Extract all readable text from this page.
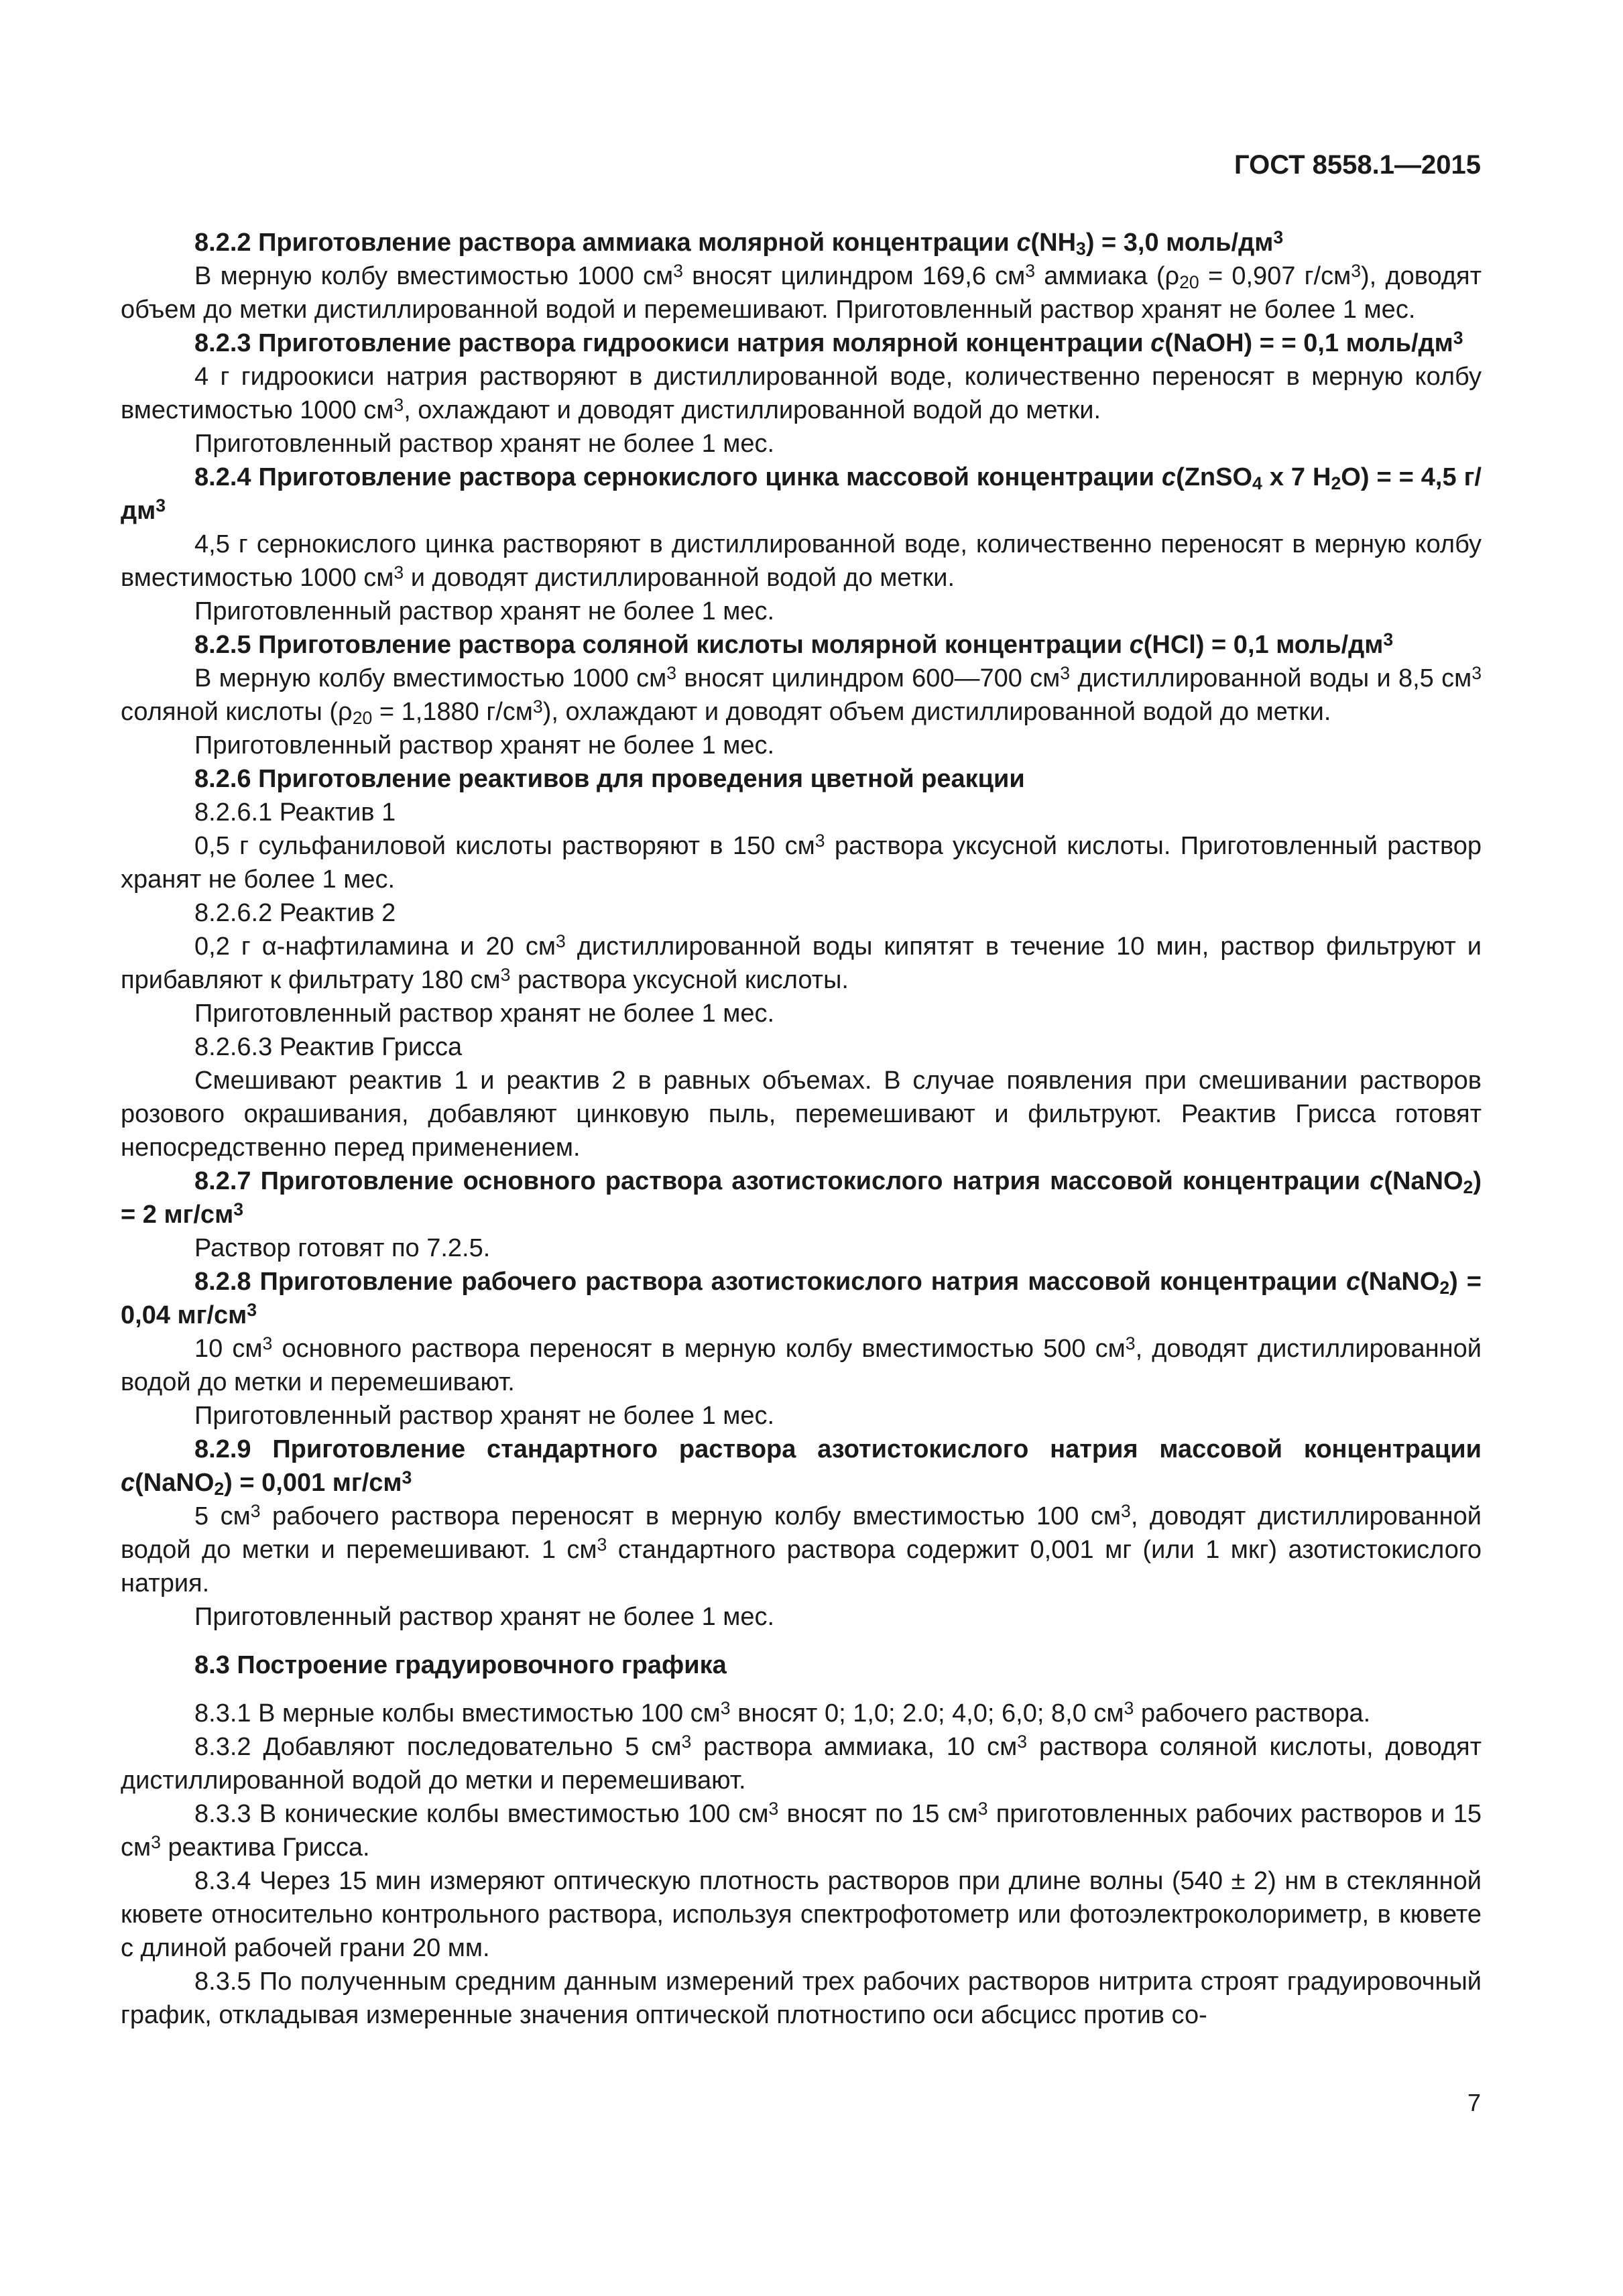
ГОСТ 8558.1—2015

8.2.2 Приготовление раствора аммиака молярной концентрации $c(NH_3) = 3,0$ моль/$дм^3$

В мерную колбу вместимостью 1000 $см^3$ вносят цилиндром 169,6 $см^3$ аммиака ($\rho_{20} = 0,907$ $г/см^3$), доводят объем до метки дистиллированной водой и перемешивают. Приготовленный раствор хранят не более 1 мес.

8.2.3 Приготовление раствора гидроокиси натрия молярной концентрации c(NaOH) = = 0,1 моль/$дм^3$

4 г гидроокиси натрия растворяют в дистиллированной воде, количественно переносят в мерную колбу вместимостью 1000 $см^3$, охлаждают и доводят дистиллированной водой до метки.

Приготовленный раствор хранят не более 1 мес.

8.2.4 Приготовление раствора сернокислого цинка массовой концентрации c(ZnSO$_4$ x 7 $H_2O$) = = 4,5 $г/дм^3$

4,5 г сернокислого цинка растворяют в дистиллированной воде, количественно переносят в мерную колбу вместимостью 1000 $см^3$ и доводят дистиллированной водой до метки.

Приготовленный раствор хранят не более 1 мес.

8.2.5 Приготовление раствора соляной кислоты молярной концентрации c(HCl) = 0,1 моль/$дм^3$

В мерную колбу вместимостью 1000 $см^3$ вносят цилиндром 600—700 $см^3$ дистиллированной воды и 8,5 $см^3$ соляной кислоты ($\rho_{20} = 1,1880$ $г/см^3$), охлаждают и доводят объем дистиллированной водой до метки.

Приготовленный раствор хранят не более 1 мес.

8.2.6 Приготовление реактивов для проведения цветной реакции

8.2.6.1 Реактив 1

0,5 г сульфаниловой кислоты растворяют в 150 $см^3$ раствора уксусной кислоты. Приготовленный раствор хранят не более 1 мес.

8.2.6.2 Реактив 2

0,2 г α-нафтиламина и 20 $см^3$ дистиллированной воды кипятят в течение 10 мин, раствор фильтруют и прибавляют к фильтрату 180 $см^3$ раствора уксусной кислоты.

Приготовленный раствор хранят не более 1 мес.

8.2.6.3 Реактив Грисса

Смешивают реактив 1 и реактив 2 в равных объемах. В случае появления при смешивании растворов розового окрашивания, добавляют цинковую пыль, перемешивают и фильтруют. Реактив Грисса готовят непосредственно перед применением.

8.2.7 Приготовление основного раствора азотистокислого натрия массовой концентрации c(NaNO$_2$) = 2 $мг/см^3$

Раствор готовят по 7.2.5.

8.2.8 Приготовление рабочего раствора азотистокислого натрия массовой концентрации c(NaNO$_2$) = 0,04 $мг/см^3$

10 $см^3$ основного раствора переносят в мерную колбу вместимостью 500 $см^3$, доводят дистиллированной водой до метки и перемешивают.

Приготовленный раствор хранят не более 1 мес.

8.2.9 Приготовление стандартного раствора азотистокислого натрия массовой концентрации c(NaNO$_2$) = 0,001 $мг/см^3$

5 $см^3$ рабочего раствора переносят в мерную колбу вместимостью 100 $см^3$, доводят дистиллированной водой до метки и перемешивают. 1 $см^3$ стандартного раствора содержит 0,001 мг (или 1 мкг) азотистокислого натрия.

Приготовленный раствор хранят не более 1 мес.

8.3 Построение градуировочного графика

8.3.1 В мерные колбы вместимостью 100 $см^3$ вносят 0; 1,0; 2.0; 4,0; 6,0; 8,0 $см^3$ рабочего раствора.

8.3.2 Добавляют последовательно 5 $см^3$ раствора аммиака, 10 $см^3$ раствора соляной кислоты, доводят дистиллированной водой до метки и перемешивают.

8.3.3 В конические колбы вместимостью 100 $см^3$ вносят по 15 $см^3$ приготовленных рабочих растворов и 15 $см^3$ реактива Грисса.

8.3.4 Через 15 мин измеряют оптическую плотность растворов при длине волны (540 ± 2) нм в стеклянной кювете относительно контрольного раствора, используя спектрофотометр или фотоэлектроколориметр, в кювете с длиной рабочей грани 20 мм.

8.3.5 По полученным средним данным измерений трех рабочих растворов нитрита строят градуировочный график, откладывая измеренные значения оптической плотностипо оси абсцисс против со-

7
